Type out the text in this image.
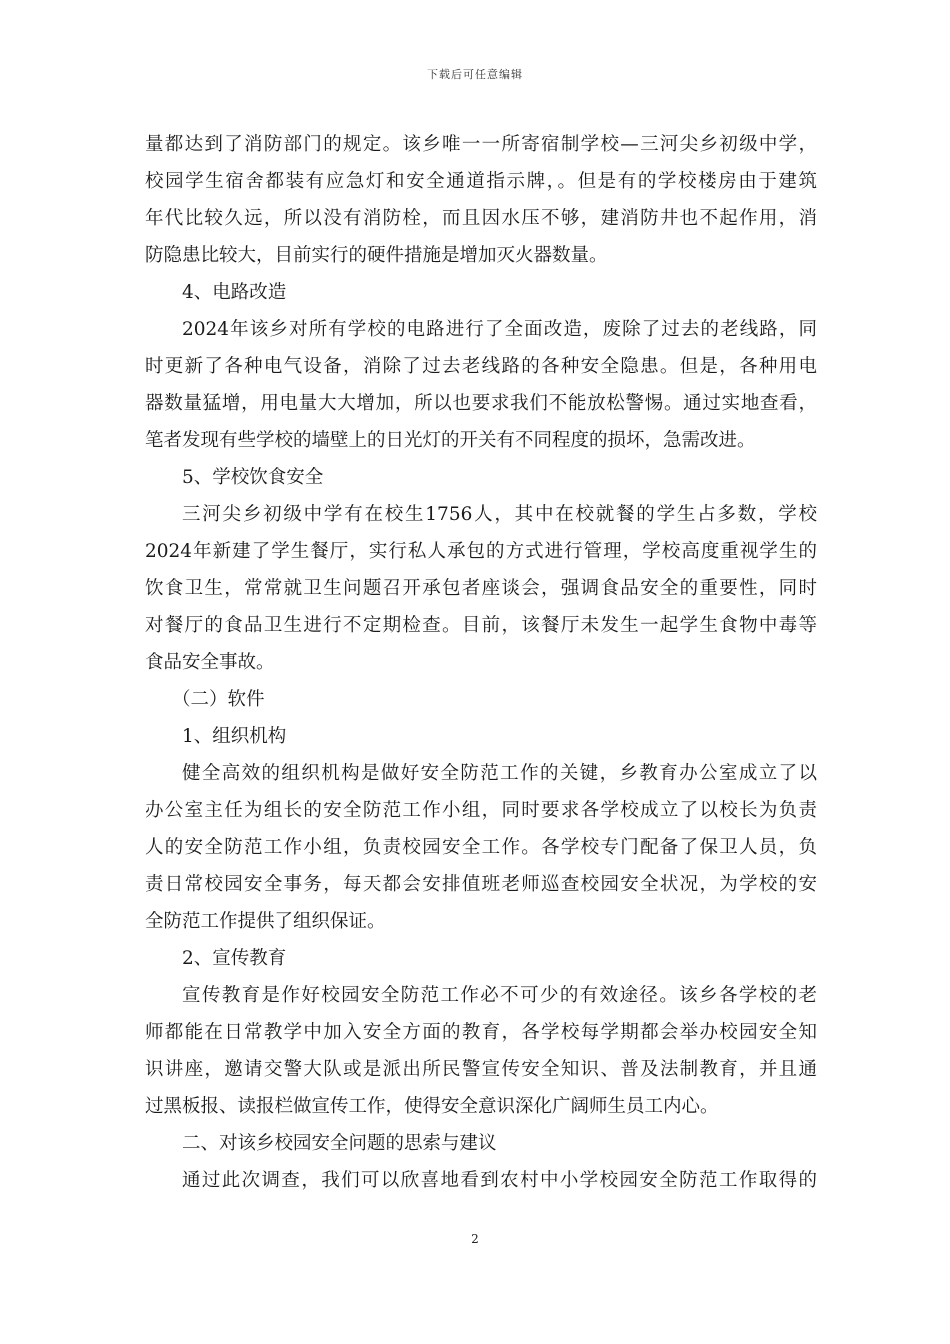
下载后可任意编辑
量都达到了消防部门的规定。该乡唯一一所寄宿制学校—三河尖乡初级中学，
校园学生宿舍都装有应急灯和安全通道指示牌，。但是有的学校楼房由于建筑
年代比较久远，所以没有消防栓，而且因水压不够，建消防井也不起作用，消
防隐患比较大，目前实行的硬件措施是增加灭火器数量。
4、电路改造
2024年该乡对所有学校的电路进行了全面改造，废除了过去的老线路，同
时更新了各种电气设备，消除了过去老线路的各种安全隐患。但是，各种用电
器数量猛增，用电量大大增加，所以也要求我们不能放松警惕。通过实地查看，
笔者发现有些学校的墙壁上的日光灯的开关有不同程度的损坏，急需改进。
5、学校饮食安全
三河尖乡初级中学有在校生1756人，其中在校就餐的学生占多数，学校
2024年新建了学生餐厅，实行私人承包的方式进行管理，学校高度重视学生的
饮食卫生，常常就卫生问题召开承包者座谈会，强调食品安全的重要性，同时
对餐厅的食品卫生进行不定期检查。目前，该餐厅未发生一起学生食物中毒等
食品安全事故。
（二）软件
1、组织机构
健全高效的组织机构是做好安全防范工作的关键，乡教育办公室成立了以
办公室主任为组长的安全防范工作小组，同时要求各学校成立了以校长为负责
人的安全防范工作小组，负责校园安全工作。各学校专门配备了保卫人员，负
责日常校园安全事务，每天都会安排值班老师巡查校园安全状况，为学校的安
全防范工作提供了组织保证。
2、宣传教育
宣传教育是作好校园安全防范工作必不可少的有效途径。该乡各学校的老
师都能在日常教学中加入安全方面的教育，各学校每学期都会举办校园安全知
识讲座，邀请交警大队或是派出所民警宣传安全知识、普及法制教育，并且通
过黑板报、读报栏做宣传工作，使得安全意识深化广阔师生员工内心。
二、对该乡校园安全问题的思索与建议
通过此次调查，我们可以欣喜地看到农村中小学校园安全防范工作取得的
2
